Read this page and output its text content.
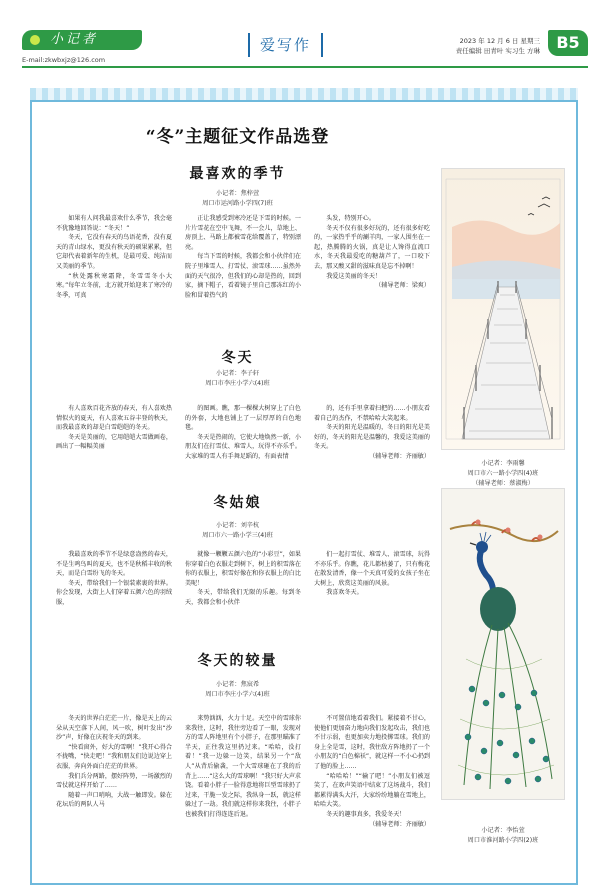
小记者
E-mail:zkwbxjz@126.com
爱写作	2023 年 12 月 6 日 星期三
责任编辑 田青叶 实习生 方琳	B5
“冬”主题征文作品选登
最喜欢的季节
小记者：焦梓萱
周口市运河路小学四(7)班

如果有人问我最喜欢什么季节，我会毫不犹豫地回答说：“冬天！”

冬天，它没有春天的鸟语花香，没有夏天的青山绿水，更没有秋天的硕果累累，但它却代表着新年的生机，是最可爱、纯洁而又美丽的季节。

“秋处露秋寒霜降，冬雪雪冬小大寒。”每年立冬前，北方就开始迎来了寒冷的冬季，可真

正让我感受到寒冷还是下雪的时候。一片片雪花在空中飞舞，不一会儿，草地上、房顶上、马路上都被雪花给覆盖了，特别漂亮。

每当下雪的时候，我都会和小伙伴们在院子里堆雪人、打雪仗、滚雪球……虽然外面的天气很冷，但我们的心却是热的，回到家，摘下帽子，看着镜子里自己那冻红的小脸和冒着热气的

头发，特别开心。

冬天不仅有很多好玩的，还有很多好吃的，一家热乎乎的涮羊肉，一家人围坐在一起，热腾腾的火锅，真是让人馋得直流口水，冬天我最爱吃的糖葫芦了，一口咬下去，那又酸又甜的滋味真是忘不掉啊！

我爱这美丽的冬天！

（辅导老师：梁爽）

冬天
小记者：李子轩
周口市李庄小学六(4)班

有人喜欢百花齐放的春天，有人喜欢热情似火的夏天，有人喜欢五谷丰登的秋天，而我最喜欢的却是白雪皑皑的冬天。

冬天是美丽的，它用皑皑大雪做画卷，画出了一幅幅美丽

的图画。瞧，那一棵棵大树穿上了白色的外套，大地也铺上了一层厚厚的白色地毯。

冬天是热闹的，它使大地焕然一新，小朋友们在打雪仗、堆雪人，玩得不亦乐乎。大家堆的雪人有手舞足蹈的，有面表情

的，还有手里拿着扫把的……小朋友看着自己的杰作，不禁哈哈大笑起来。

冬天的阳光是温暖的，冬日的阳光是美好的，冬天的阳光是温馨的，我爱这美丽的冬天。

（辅导老师：齐丽敏）

冬姑娘
小记者：刘辛杭
周口市六一路小学三(4)班

我最喜欢的季节不是绿意盎然的春天，不是生鸣鸟叫的夏天，也不是秋稻丰收的秋天，而是白雪纷飞的冬天。

冬天，带给我们一个银装素裹的世界。你会发现，大街上人们穿着五颜六色的羽绒服，

就像一颗颗五颜六色的“小彩豆”，如果你穿着白色衣服走到树下，树上的积雪落在你的衣服上，积雪好像在和你衣服上的白比美呢！

冬天，带给我们无限的乐趣。每到冬天，我都会和小伙伴

们一起打雪仗、堆雪人、滚雪球，玩得不亦乐乎。你瞧，花儿都枯萎了，只有梅花在散发清香，像一个天真可爱的女孩子坐在大树上，欣赏这美丽的风景。

我喜欢冬天。

冬天的较量
小记者：焦宸希
周口市李庄小学六(4)班

冬天的世界白茫茫一片，像是天上的云朵从天空落下人间，风一吹，树叶发出“沙沙”声，好像在庆祝冬天的到来。

“快看窗外，好大的雪啊！”我开心得合不拢嘴，“快走吧！”我和朋友们边说边穿上衣服，奔向外面白茫茫的世界。

我们兵分两路，摆好阵势，一场激烈的雪仗就这样开始了……

随着一声口哨响，大战一触即发。躲在花坛后的两队人马

来势汹汹，火力十足。天空中的雪球你来我往，这时，我往旁边看了一眼，发现对方的雪人阵地里有个小胖子，在那里瞄准了半天，正往我这里扔过来。“哈哈，没打着！”我一边躲一边笑，结果另一个“敌人”从背后偷袭，一个大雪球砸在了我的后背上……“这么大的雪球啊！”我只好大声求饶。看着小胖子一脸得意地将巨型雪球扔了过来，干脆一发之际，我纵身一跃，就这样躲过了一劫。我们就这样你来我往，小胖子也被我们打得连连后退。

不可置信地看着我们。紧接着不甘心，使他们更加奋力地向我们发起攻击，我们也不甘示弱，也更加卖力地投掷雪球。我们的身上全是雪，这时，我往敌方阵地扔了一个小朋友的“白色棉袄”，就这样一不小心扔到了他的脸上……

“哈哈哈！”“输了吧！”小朋友们被逗笑了，在欢声笑语中结束了这场战斗，我们都累得满头大汗，大家纷纷地躺在雪地上，哈哈大笑。

冬天的趣事真多，我爱冬天！

（辅导老师：齐丽敏）

小记者：李雨馨
周口市六一路小学四(4)班
（辅导老师：蔡淑梅）
小记者：李怡萱
周口市淮河路小学四(2)班
